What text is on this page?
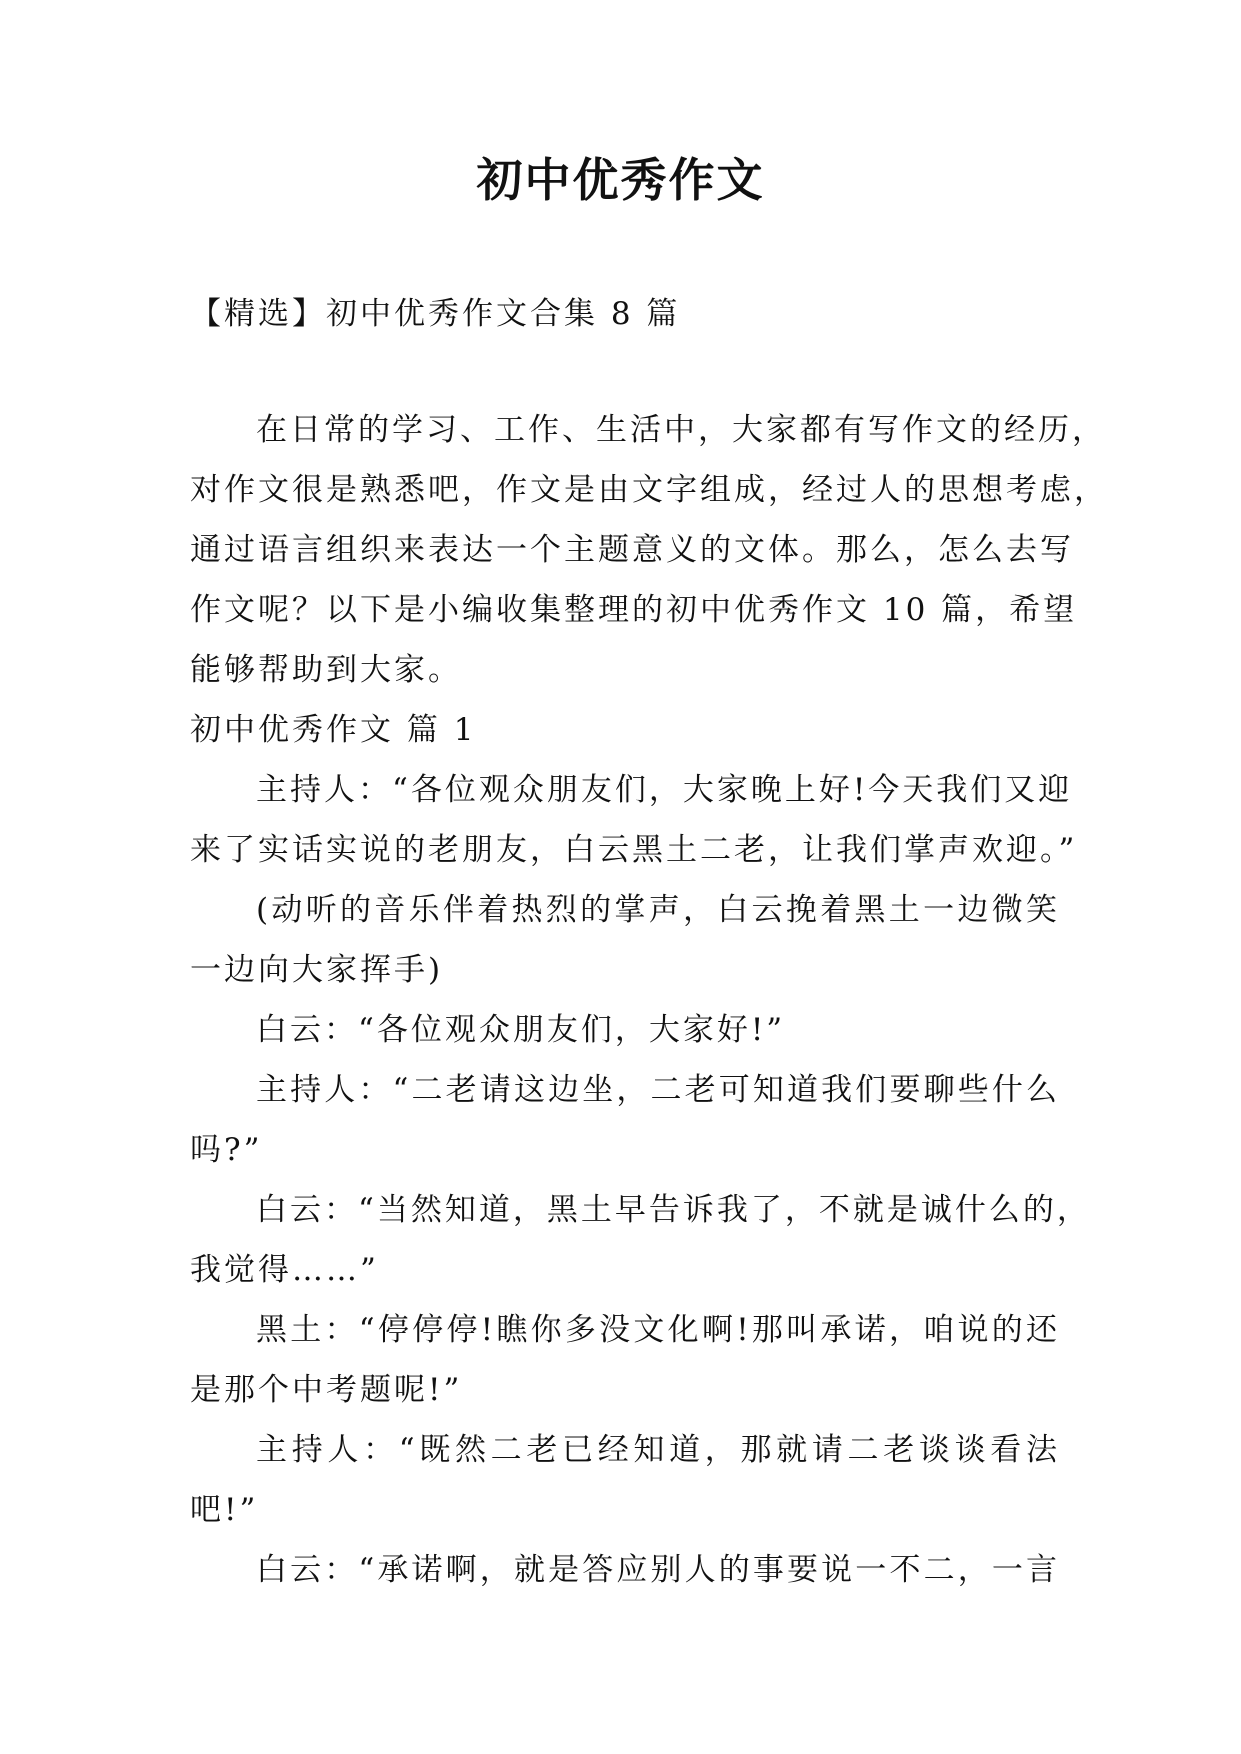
初中优秀作文
【精选】初中优秀作文合集 8 篇
在日常的学习、工作、生活中，大家都有写作文的经历，
对作文很是熟悉吧，作文是由文字组成，经过人的思想考虑，
通过语言组织来表达一个主题意义的文体。那么，怎么去写
作文呢？以下是小编收集整理的初中优秀作文 10 篇，希望
能够帮助到大家。
初中优秀作文 篇 1
主持人：“各位观众朋友们，大家晚上好!今天我们又迎
来了实话实说的老朋友，白云黑土二老，让我们掌声欢迎。”
(动听的音乐伴着热烈的掌声，白云挽着黑土一边微笑
一边向大家挥手)
白云：“各位观众朋友们，大家好!”
主持人：“二老请这边坐，二老可知道我们要聊些什么
吗?”
白云：“当然知道，黑土早告诉我了，不就是诚什么的，
我觉得……”
黑土：“停停停!瞧你多没文化啊!那叫承诺，咱说的还
是那个中考题呢!”
主持人：“既然二老已经知道，那就请二老谈谈看法
吧!”
白云：“承诺啊，就是答应别人的事要说一不二，一言
